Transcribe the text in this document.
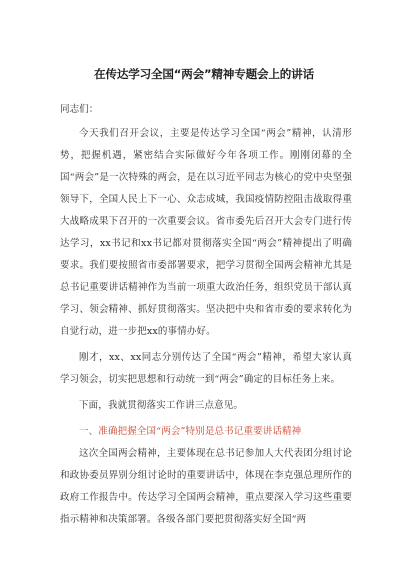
在传达学习全国“两会”精神专题会上的讲话

同志们：

今天我们召开会议，主要是传达学习全国“两会”精神，认清形势，把握机遇，紧密结合实际做好今年各项工作。刚刚闭幕的全国“两会”是一次特殊的两会，是在以习近平同志为核心的党中央坚强领导下，全国人民上下一心、众志成城，我国疫情防控阻击战取得重大战略成果下召开的一次重要会议。省市委先后召开大会专门进行传达学习，xx书记和xx书记都对贯彻落实全国“两会”精神提出了明确要求。我们要按照省市委部署要求，把学习贯彻全国两会精神尤其是总书记重要讲话精神作为当前一项重大政治任务，组织党员干部认真学习、领会精神、抓好贯彻落实。坚决把中央和省市委的要求转化为自觉行动，进一步把xx的事情办好。

刚才，xx、xx同志分别传达了全国“两会”精神，希望大家认真学习领会，切实把思想和行动统一到“两会”确定的目标任务上来。

下面，我就贯彻落实工作讲三点意见。

一、准确把握全国“两会”特别是总书记重要讲话精神

这次全国两会精神，主要体现在总书记参加人大代表团分组讨论和政协委员界别分组讨论时的重要讲话中，体现在李克强总理所作的政府工作报告中。传达学习全国两会精神，重点要深入学习这些重要指示精神和决策部署。各级各部门要把贯彻落实好全国“两
